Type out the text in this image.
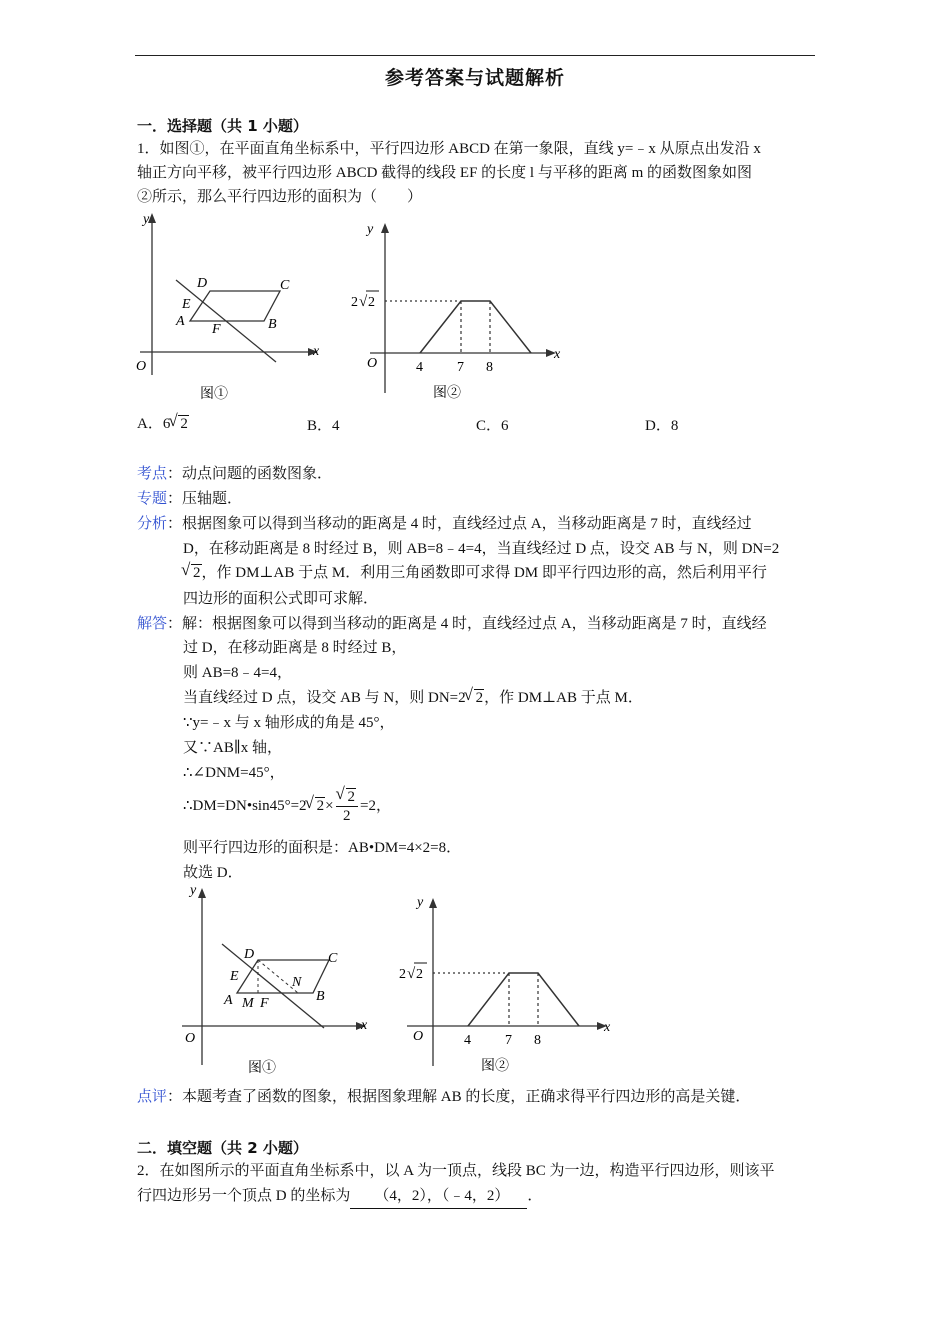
参考答案与试题解析
一．选择题（共 1 小题）
1．如图①，在平面直角坐标系中，平行四边形 ABCD 在第一象限，直线 y=﹣x 从原点出发沿 x
轴正方向平移，被平行四边形 ABCD 截得的线段 EF 的长度 l 与平移的距离 m 的函数图象如图
②所示，那么平行四边形的面积为（　　）
y
x
O
D	C
E
A
F	B
图①
y
x
O
2 √ 2
4 7 8
图②
A．6 √ 2	B．4	C．6	D．8
考点：动点问题的函数图象．
专题：压轴题．
分析：根据图象可以得到当移动的距离是 4 时，直线经过点 A，当移动距离是 7 时，直线经过
D，在移动距离是 8 时经过 B，则 AB=8﹣4=4，当直线经过 D 点，设交 AB 与 N，则 DN=2
√ 2，作 DM⊥AB 于点 M．利用三角函数即可求得 DM 即平行四边形的高，然后利用平行
四边形的面积公式即可求解．
解答：解：根据图象可以得到当移动的距离是 4 时，直线经过点 A，当移动距离是 7 时，直线经
过 D，在移动距离是 8 时经过 B，
则 AB=8﹣4=4，
当直线经过 D 点，设交 AB 与 N，则 DN=2 √ 2，作 DM⊥AB 于点 M．
∵y=﹣x 与 x 轴形成的角是 45°，
又∵AB∥x 轴，
∴∠DNM=45°，
∴DM=DN•sin45°=2 √ 2× √ $\frac{2}{2} =2$，
则平行四边形的面积是：AB•DM=4×2=8．
故选 D．
y
x
O
D	C
E
A
N
M F	B
图①
y
x
O
2 √ 2
4 7 8
图②
点评：本题考查了函数的图象，根据图象理解 AB 的长度，正确求得平行四边形的高是关键．
二．填空题（共 2 小题）
2．在如图所示的平面直角坐标系中，以 A 为一顶点，线段 BC 为一边，构造平行四边形，则该平
行四边形另一个顶点 D 的坐标为 （4，2），（﹣4，2） ．
